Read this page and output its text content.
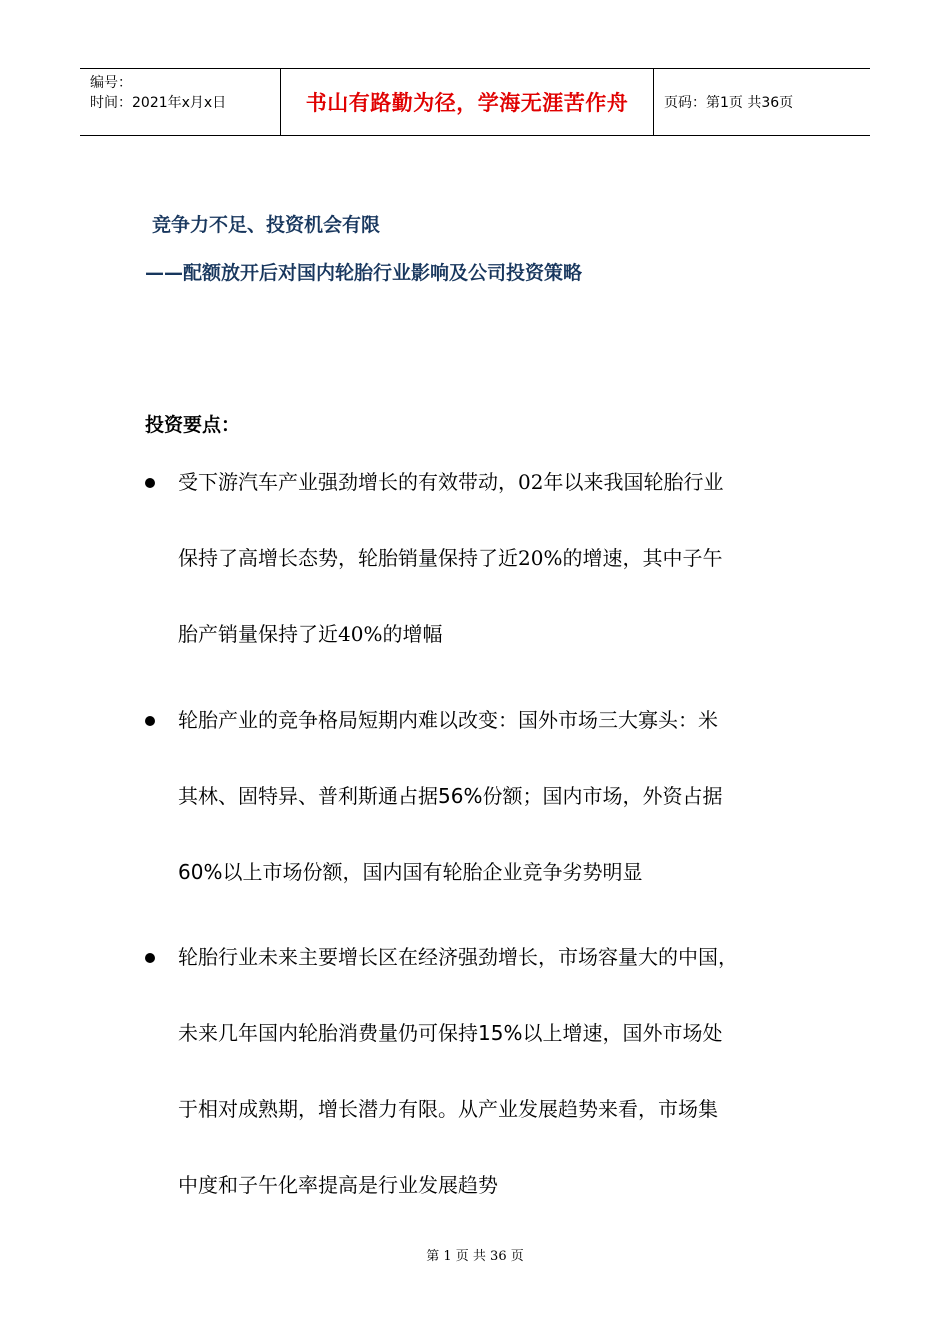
编号：
时间：2021年x月x日	书山有路勤为径，学海无涯苦作舟	页码：第1页 共36页
竞争力不足、投资机会有限
——配额放开后对国内轮胎行业影响及公司投资策略
投资要点：

受下游汽车产业强劲增长的有效带动，02年以来我国轮胎行业
保持了高增长态势，轮胎销量保持了近20%的增速，其中子午
胎产销量保持了近40%的增幅

轮胎产业的竞争格局短期内难以改变：国外市场三大寡头：米
其林、固特异、普利斯通占据56%份额；国内市场，外资占据
60%以上市场份额，国内国有轮胎企业竞争劣势明显

轮胎行业未来主要增长区在经济强劲增长，市场容量大的中国，
未来几年国内轮胎消费量仍可保持15%以上增速，国外市场处
于相对成熟期，增长潜力有限。从产业发展趋势来看，市场集
中度和子午化率提高是行业发展趋势

第 1 页 共 36 页
